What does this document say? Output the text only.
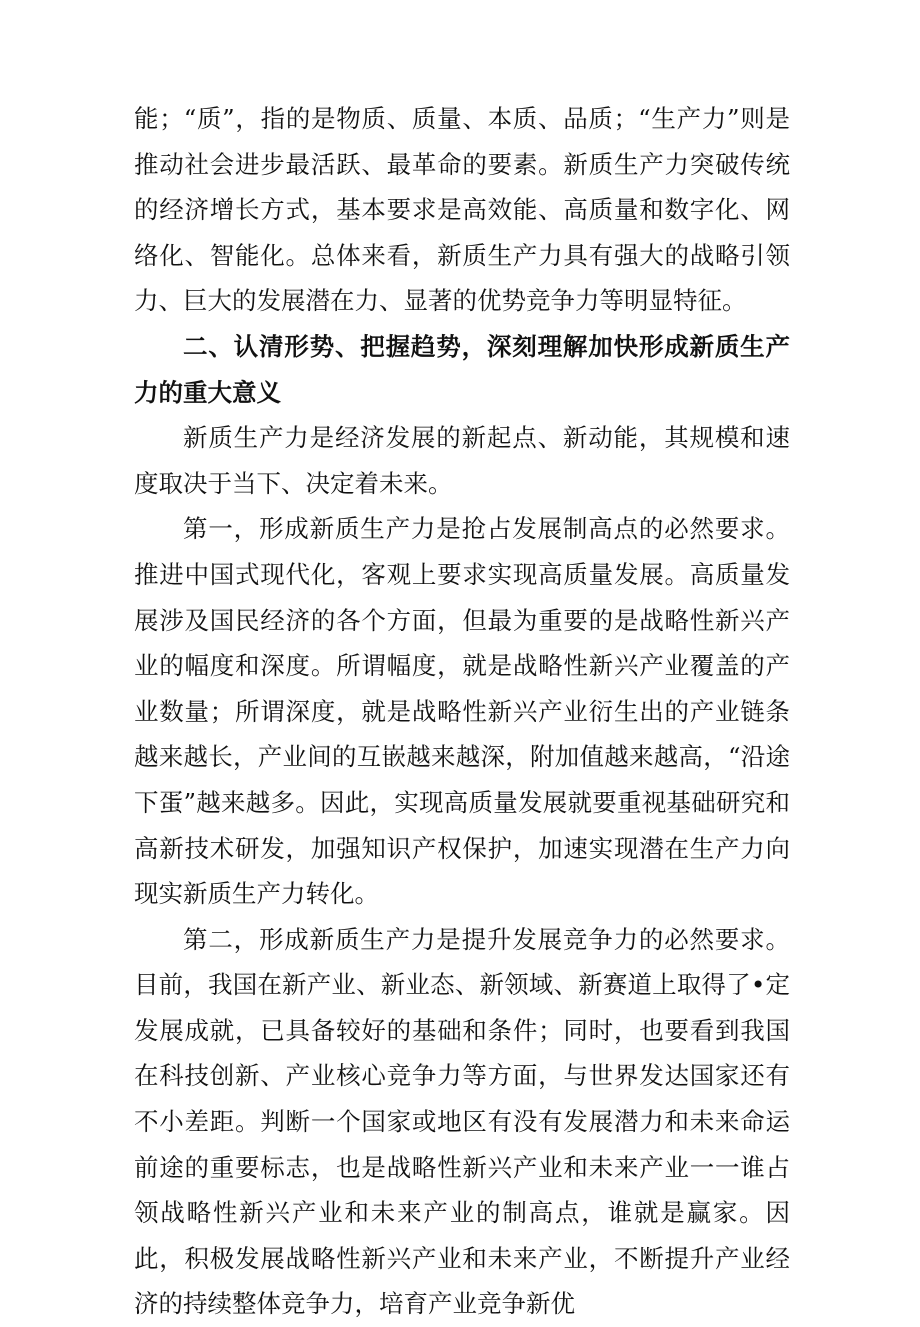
能；“质”，指的是物质、质量、本质、品质；“生产力”则是推动社会进步最活跃、最革命的要素。新质生产力突破传统的经济增长方式，基本要求是高效能、高质量和数字化、网络化、智能化。总体来看，新质生产力具有强大的战略引领力、巨大的发展潜在力、显著的优势竞争力等明显特征。

二、认清形势、把握趋势，深刻理解加快形成新质生产力的重大意义

新质生产力是经济发展的新起点、新动能，其规模和速度取决于当下、决定着未来。

第一，形成新质生产力是抢占发展制高点的必然要求。推进中国式现代化，客观上要求实现高质量发展。高质量发展涉及国民经济的各个方面，但最为重要的是战略性新兴产业的幅度和深度。所谓幅度，就是战略性新兴产业覆盖的产业数量；所谓深度，就是战略性新兴产业衍生出的产业链条越来越长，产业间的互嵌越来越深，附加值越来越高，“沿途下蛋”越来越多。因此，实现高质量发展就要重视基础研究和高新技术研发，加强知识产权保护，加速实现潜在生产力向现实新质生产力转化。

第二，形成新质生产力是提升发展竞争力的必然要求。目前，我国在新产业、新业态、新领域、新赛道上取得了•定发展成就，已具备较好的基础和条件；同时，也要看到我国在科技创新、产业核心竞争力等方面，与世界发达国家还有不小差距。判断一个国家或地区有没有发展潜力和未来命运前途的重要标志，也是战略性新兴产业和未来产业一一谁占领战略性新兴产业和未来产业的制高点，谁就是赢家。因此，积极发展战略性新兴产业和未来产业，不断提升产业经济的持续整体竞争力，培育产业竞争新优
